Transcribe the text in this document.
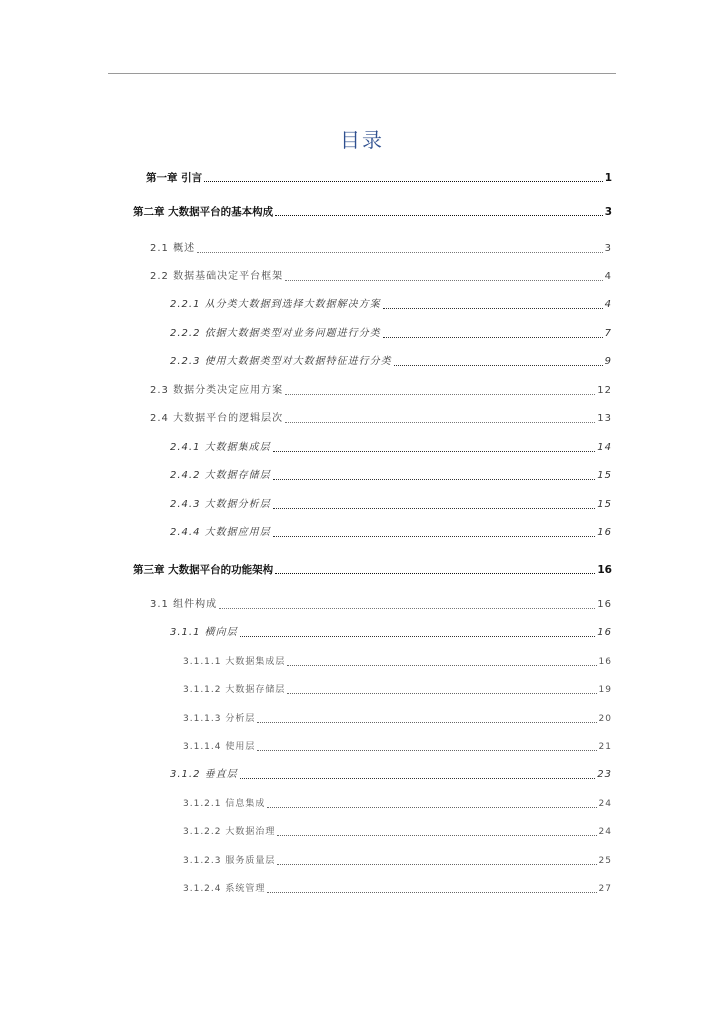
目录
第一章 引言	1
第二章 大数据平台的基本构成	3
2.1 概述	3
2.2 数据基础决定平台框架	4
2.2.1 从分类大数据到选择大数据解决方案	4
2.2.2 依据大数据类型对业务问题进行分类	7
2.2.3 使用大数据类型对大数据特征进行分类	9
2.3 数据分类决定应用方案	12
2.4 大数据平台的逻辑层次	13
2.4.1 大数据集成层	14
2.4.2 大数据存储层	15
2.4.3 大数据分析层	15
2.4.4 大数据应用层	16
第三章 大数据平台的功能架构	16
3.1 组件构成	16
3.1.1 横向层	16
3.1.1.1 大数据集成层	16
3.1.1.2 大数据存储层	19
3.1.1.3 分析层	20
3.1.1.4 使用层	21
3.1.2 垂直层	23
3.1.2.1 信息集成	24
3.1.2.2 大数据治理	24
3.1.2.3 服务质量层	25
3.1.2.4 系统管理	27
